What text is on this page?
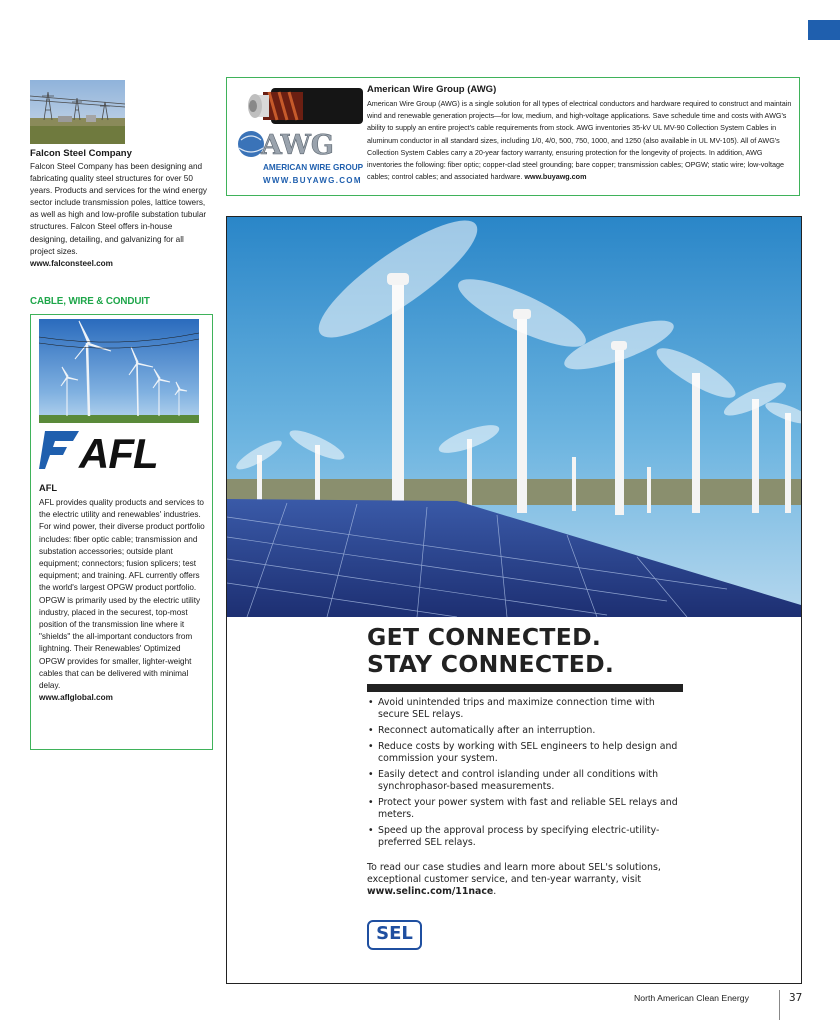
Falcon Steel Company
Falcon Steel Company has been designing and fabricating quality steel structures for over 50 years. Products and services for the wind energy sector include transmission poles, lattice towers, as well as high and low-profile substation tubular structures. Falcon Steel offers in-house designing, detailing, and galvanizing for all project sizes.
www.falconsteel.com
CABLE, WIRE & CONDUIT
AWG
AMERICAN WIRE GROUP
WWW.BUYAWG.COM
American Wire Group (AWG)
American Wire Group (AWG) is a single solution for all types of electrical conductors and hardware required to construct and maintain wind and renewable generation projects—for low, medium, and high-voltage applications. Save schedule time and costs with AWG's ability to supply an entire project's cable requirements from stock. AWG inventories 35-kV UL MV-90 Collection System Cables in aluminum conductor in all standard sizes, including 1/0, 4/0, 500, 750, 1000, and 1250 (also available in UL MV-105). All of AWG's Collection System Cables carry a 20-year factory warranty, ensuring protection for the longevity of projects. In addition, AWG inventories the following: fiber optic; copper-clad steel grounding; bare copper; transmission cables; OPGW; static wire; low-voltage cables; control cables; and associated hardware. www.buyawg.com
AFL
AFL
AFL provides quality products and services to the electric utility and renewables' industries. For wind power, their diverse product portfolio includes: fiber optic cable; transmission and substation accessories; outside plant equipment; connectors; fusion splicers; test equipment; and training. AFL currently offers the world's largest OPGW product portfolio. OPGW is primarily used by the electric utility industry, placed in the securest, top-most position of the transmission line where it "shields" the all-important conductors from lightning. Their Renewables' Optimized OPGW provides for smaller, lighter-weight cables that can be delivered with minimal delay.
www.aflglobal.com
GET CONNECTED.
STAY CONNECTED.
• Avoid unintended trips and maximize connection time with secure SEL relays.
• Reconnect automatically after an interruption.
• Reduce costs by working with SEL engineers to help design and commission your system.
• Easily detect and control islanding under all conditions with synchrophasor-based measurements.
• Protect your power system with fast and reliable SEL relays and meters.
• Speed up the approval process by specifying electric-utility-preferred SEL relays.
To read our case studies and learn more about SEL's solutions, exceptional customer service, and ten-year warranty, visit www.selinc.com/11nace.
SEL
North American Clean Energy	37
